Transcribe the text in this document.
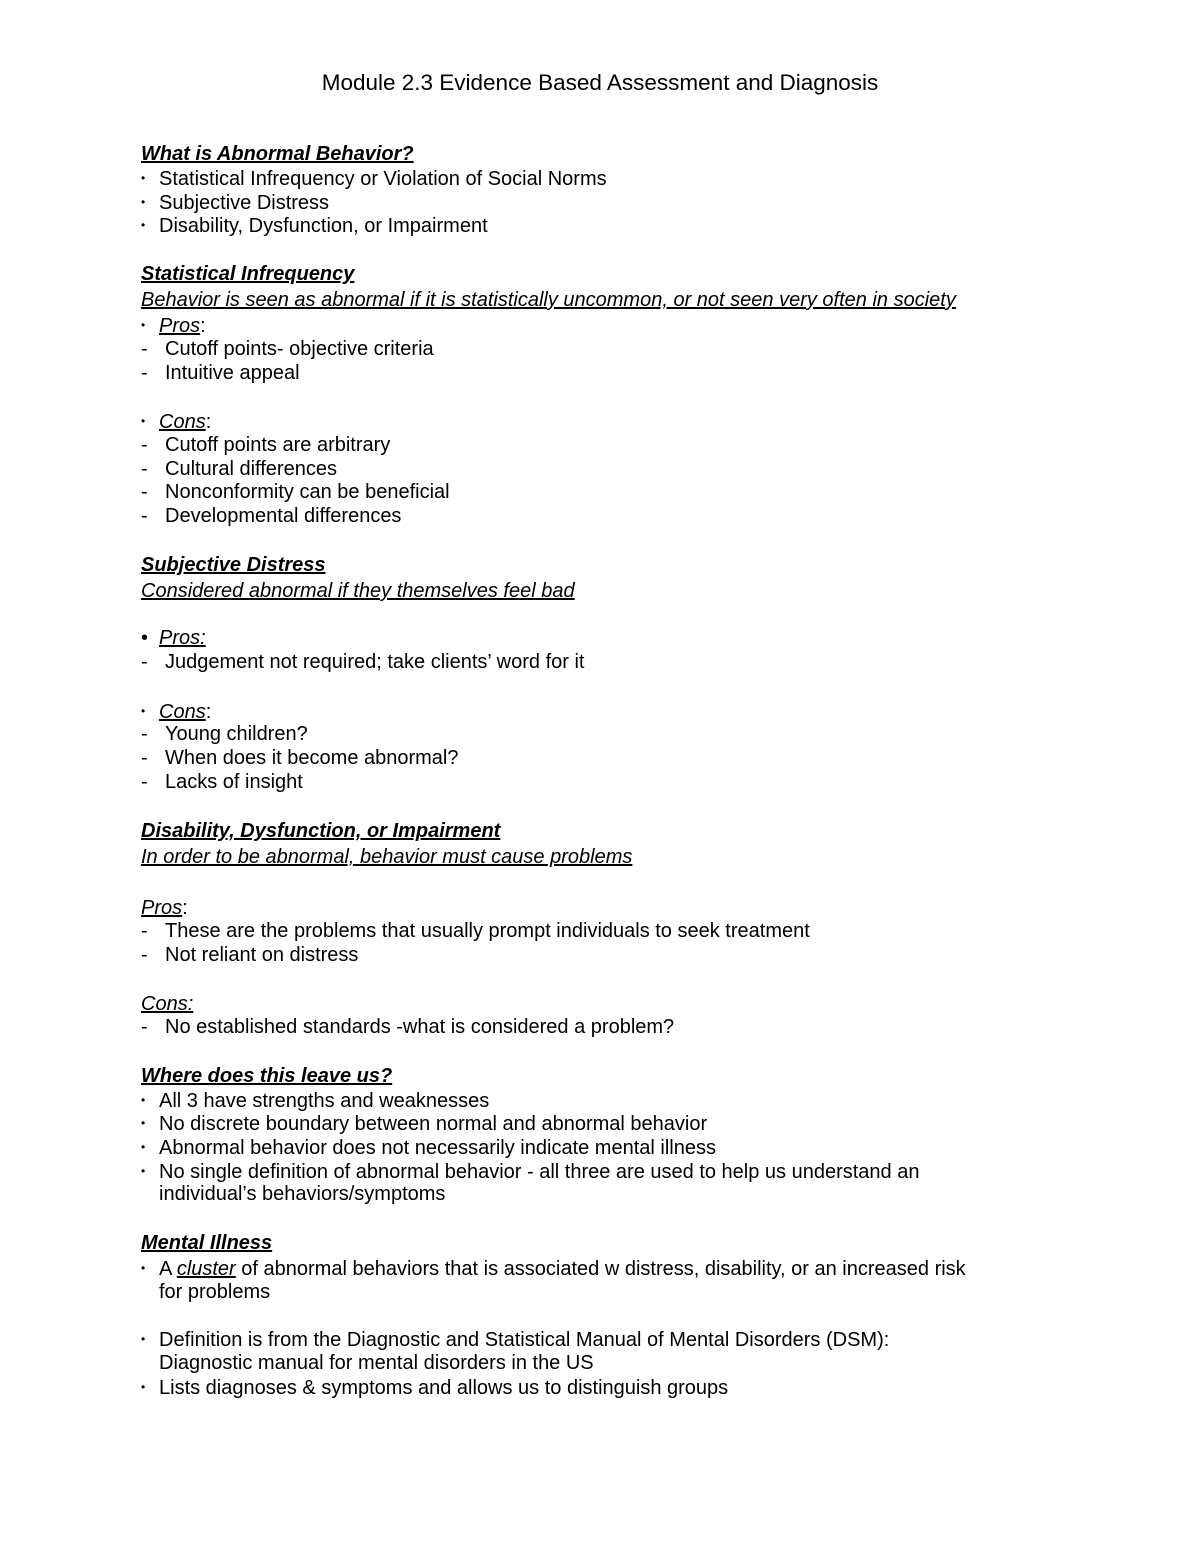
Module 2.3 Evidence Based Assessment and Diagnosis
What is Abnormal Behavior?
• Statistical Infrequency or Violation of Social Norms
• Subjective Distress
• Disability, Dysfunction, or Impairment
Statistical Infrequency
Behavior is seen as abnormal if it is statistically uncommon, or not seen very often in society
• Pros:
- Cutoff points- objective criteria
- Intuitive appeal
• Cons:
- Cutoff points are arbitrary
- Cultural differences
- Nonconformity can be beneficial
- Developmental differences
Subjective Distress
Considered abnormal if they themselves feel bad
• Pros:
- Judgement not required; take clients’ word for it
• Cons:
- Young children?
- When does it become abnormal?
- Lacks of insight
Disability, Dysfunction, or Impairment
In order to be abnormal, behavior must cause problems
Pros:
- These are the problems that usually prompt individuals to seek treatment
- Not reliant on distress
Cons:
- No established standards -what is considered a problem?
Where does this leave us?
• All 3 have strengths and weaknesses
• No discrete boundary between normal and abnormal behavior
• Abnormal behavior does not necessarily indicate mental illness
• No single definition of abnormal behavior - all three are used to help us understand an
individual’s behaviors/symptoms
Mental Illness
• A cluster of abnormal behaviors that is associated w distress, disability, or an increased risk
for problems
• Definition is from the Diagnostic and Statistical Manual of Mental Disorders (DSM):
Diagnostic manual for mental disorders in the US
• Lists diagnoses & symptoms and allows us to distinguish groups
